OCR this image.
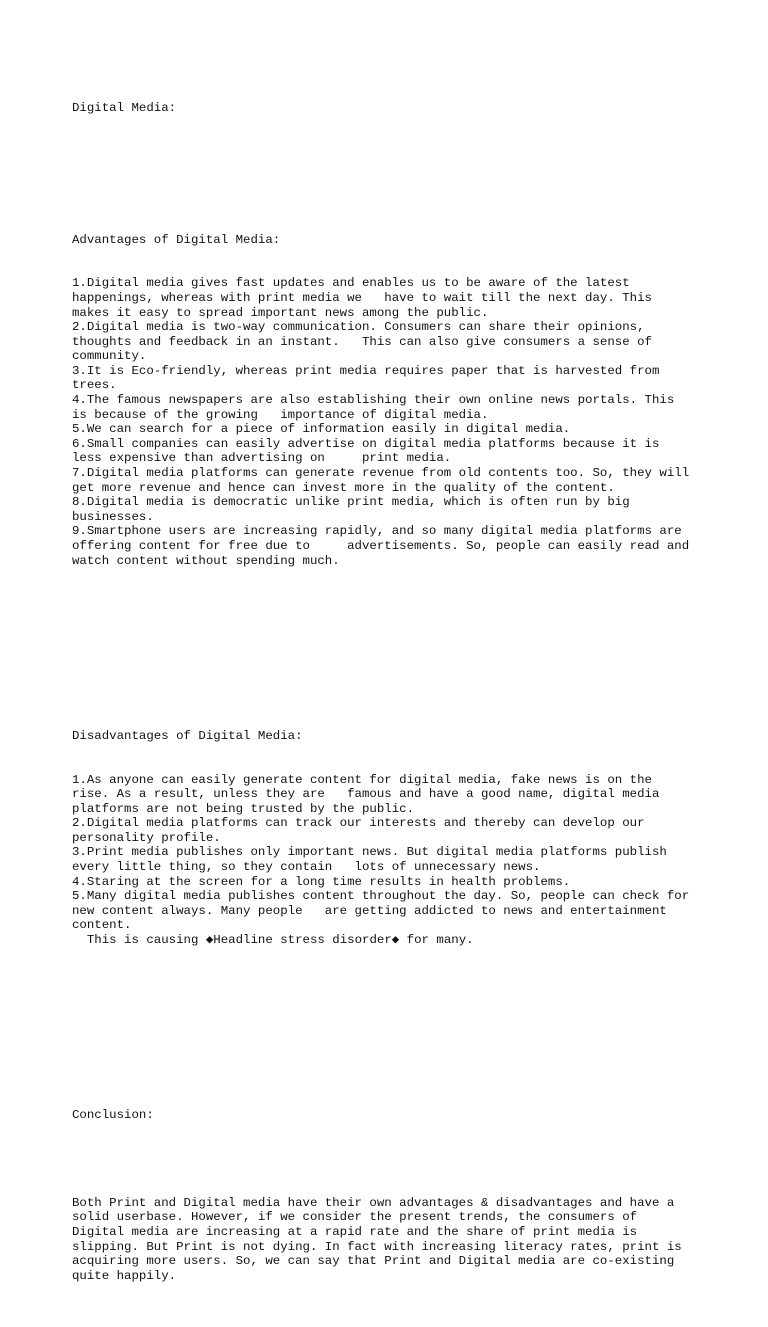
Digital Media:

Advantages of Digital Media:

1.Digital media gives fast updates and enables us to be aware of the latest
happenings, whereas with print media we   have to wait till the next day. This
makes it easy to spread important news among the public.
2.Digital media is two-way communication. Consumers can share their opinions,
thoughts and feedback in an instant.   This can also give consumers a sense of
community.
3.It is Eco-friendly, whereas print media requires paper that is harvested from
trees.
4.The famous newspapers are also establishing their own online news portals. This
is because of the growing   importance of digital media.
5.We can search for a piece of information easily in digital media.
6.Small companies can easily advertise on digital media platforms because it is
less expensive than advertising on     print media.
7.Digital media platforms can generate revenue from old contents too. So, they will
get more revenue and hence can invest more in the quality of the content.
8.Digital media is democratic unlike print media, which is often run by big
businesses.
9.Smartphone users are increasing rapidly, and so many digital media platforms are
offering content for free due to     advertisements. So, people can easily read and
watch content without spending much.

Disadvantages of Digital Media:

1.As anyone can easily generate content for digital media, fake news is on the
rise. As a result, unless they are   famous and have a good name, digital media
platforms are not being trusted by the public.
2.Digital media platforms can track our interests and thereby can develop our
personality profile.
3.Print media publishes only important news. But digital media platforms publish
every little thing, so they contain   lots of unnecessary news.
4.Staring at the screen for a long time results in health problems.
5.Many digital media publishes content throughout the day. So, people can check for
new content always. Many people   are getting addicted to news and entertainment
content.
This is causing ◆Headline stress disorder◆ for many.

Conclusion:

Both Print and Digital media have their own advantages & disadvantages and have a
solid userbase. However, if we consider the present trends, the consumers of
Digital media are increasing at a rapid rate and the share of print media is
slipping. But Print is not dying. In fact with increasing literacy rates, print is
acquiring more users. So, we can say that Print and Digital media are co-existing
quite happily.
